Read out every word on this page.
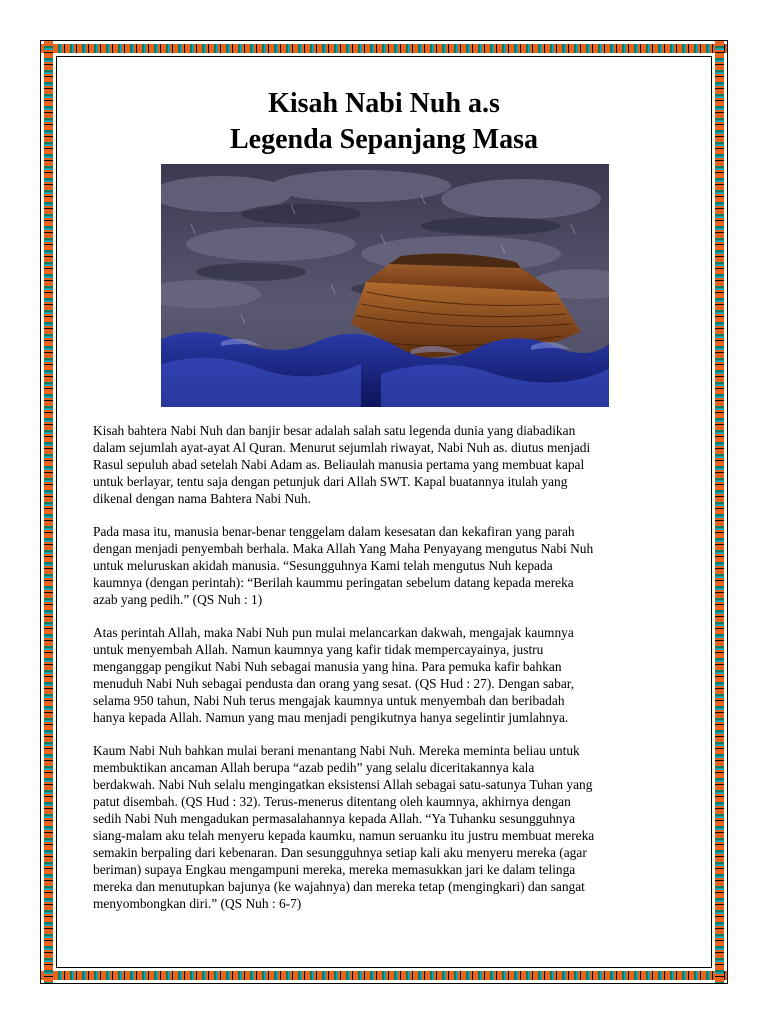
Kisah Nabi Nuh a.s
Legenda Sepanjang Masa

Kisah bahtera Nabi Nuh dan banjir besar adalah salah satu legenda dunia yang diabadikan
dalam sejumlah ayat-ayat Al Quran. Menurut sejumlah riwayat, Nabi Nuh as. diutus menjadi
Rasul sepuluh abad setelah Nabi Adam as. Beliaulah manusia pertama yang membuat kapal
untuk berlayar, tentu saja dengan petunjuk dari Allah SWT. Kapal buatannya itulah yang
dikenal dengan nama Bahtera Nabi Nuh.

Pada masa itu, manusia benar-benar tenggelam dalam kesesatan dan kekafiran yang parah
dengan menjadi penyembah berhala. Maka Allah Yang Maha Penyayang mengutus Nabi Nuh
untuk meluruskan akidah manusia. “Sesungguhnya Kami telah mengutus Nuh kepada
kaumnya (dengan perintah): “Berilah kaummu peringatan sebelum datang kepada mereka
azab yang pedih.” (QS Nuh : 1)

Atas perintah Allah, maka Nabi Nuh pun mulai melancarkan dakwah, mengajak kaumnya
untuk menyembah Allah. Namun kaumnya yang kafir tidak mempercayainya, justru
menganggap pengikut Nabi Nuh sebagai manusia yang hina. Para pemuka kafir bahkan
menuduh Nabi Nuh sebagai pendusta dan orang yang sesat. (QS Hud : 27). Dengan sabar,
selama 950 tahun, Nabi Nuh terus mengajak kaumnya untuk menyembah dan beribadah
hanya kepada Allah. Namun yang mau menjadi pengikutnya hanya segelintir jumlahnya.

Kaum Nabi Nuh bahkan mulai berani menantang Nabi Nuh. Mereka meminta beliau untuk
membuktikan ancaman Allah berupa “azab pedih” yang selalu diceritakannya kala
berdakwah. Nabi Nuh selalu mengingatkan eksistensi Allah sebagai satu-satunya Tuhan yang
patut disembah. (QS Hud : 32). Terus-menerus ditentang oleh kaumnya, akhirnya dengan
sedih Nabi Nuh mengadukan permasalahannya kepada Allah. “Ya Tuhanku sesungguhnya
siang-malam aku telah menyeru kepada kaumku, namun seruanku itu justru membuat mereka
semakin berpaling dari kebenaran. Dan sesungguhnya setiap kali aku menyeru mereka (agar
beriman) supaya Engkau mengampuni mereka, mereka memasukkan jari ke dalam telinga
mereka dan menutupkan bajunya (ke wajahnya) dan mereka tetap (mengingkari) dan sangat
menyombongkan diri.” (QS Nuh : 6-7)
